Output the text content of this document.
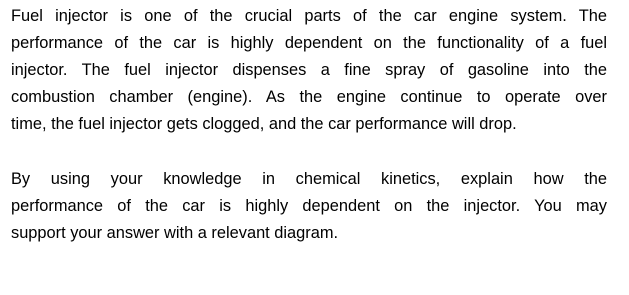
Fuel injector is one of the crucial parts of the car engine system. The
performance of the car is highly dependent on the functionality of a fuel
injector. The fuel injector dispenses a fine spray of gasoline into the
combustion chamber (engine). As the engine continue to operate over
time, the fuel injector gets clogged, and the car performance will drop.
By using your knowledge in chemical kinetics, explain how the
performance of the car is highly dependent on the injector. You may
support your answer with a relevant diagram.
